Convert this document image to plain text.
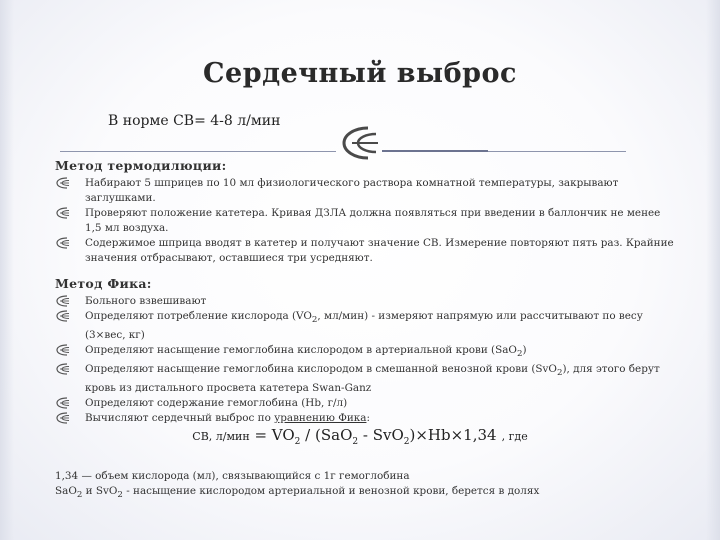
Сердечный выброс
В норме СВ= 4-8 л/мин
Метод термодилюции:
Набирают 5 шприцев по 10 мл физиологического раствора комнатной температуры, закрывают заглушками.
Проверяют положение катетера. Кривая ДЗЛА должна появляться при введении в баллончик не менее 1,5 мл воздуха.
Содержимое шприца вводят в катетер и получают значение СВ. Измерение повторяют пять раз. Крайние значения отбрасывают, оставшиеся три усредняют.
Метод Фика:
Больного взвешивают
Определяют потребление кислорода ($VO_2$, мл/мин) - измеряют напрямую или рассчитывают по весу (3×вес, кг)
Определяют насыщение гемоглобина кислородом в артериальной крови (SaO$_2$)
Определяют насыщение гемоглобина кислородом в смешанной венозной крови (SvO$_2$), для этого берут кровь из дистального просвета катетера Swan-Ganz
Определяют содержание гемоглобина (Hb, г/л)
Вычисляют сердечный выброс по уравнению Фика:
СВ, $л/мин = VO_2 / (SaO_2 - SvO_2)\times Hb\times 1,34$ , где
1,34 — объем кислорода (мл), связывающийся с 1г гемоглобина
SaO$_2$ и SvO$_2$ - насыщение кислородом артериальной и венозной крови, берется в долях
